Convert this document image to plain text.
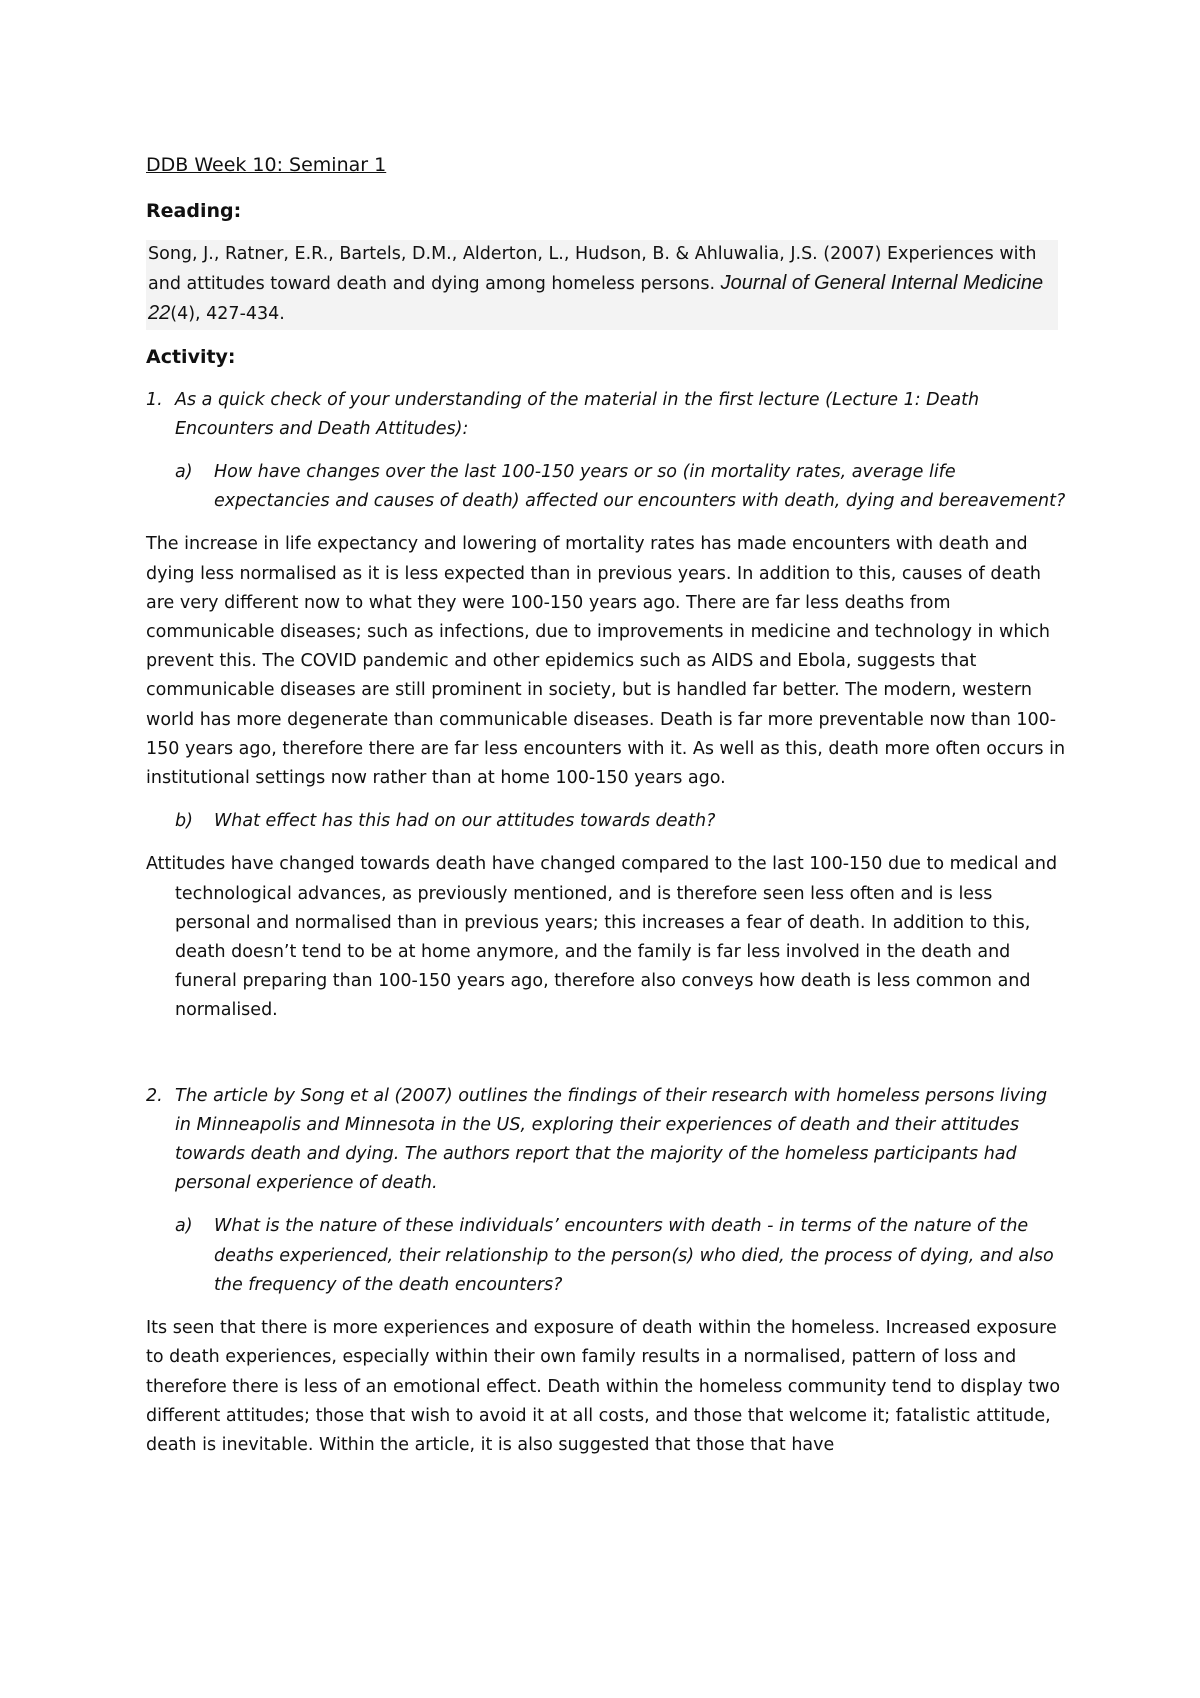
DDB Week 10: Seminar 1
Reading:
Song, J., Ratner, E.R., Bartels, D.M., Alderton, L., Hudson, B. & Ahluwalia, J.S. (2007) Experiences with and attitudes toward death and dying among homeless persons. Journal of General Internal Medicine 22(4), 427-434.
Activity:
1. As a quick check of your understanding of the material in the first lecture (Lecture 1: Death Encounters and Death Attitudes):
a)	How have changes over the last 100-150 years or so (in mortality rates, average life expectancies and causes of death) affected our encounters with death, dying and bereavement?
The increase in life expectancy and lowering of mortality rates has made encounters with death and dying less normalised as it is less expected than in previous years. In addition to this, causes of death are very different now to what they were 100-150 years ago. There are far less deaths from communicable diseases; such as infections, due to improvements in medicine and technology in which prevent this. The COVID pandemic and other epidemics such as AIDS and Ebola, suggests that communicable diseases are still prominent in society, but is handled far better. The modern, western world has more degenerate than communicable diseases. Death is far more preventable now than 100-150 years ago, therefore there are far less encounters with it. As well as this, death more often occurs in institutional settings now rather than at home 100-150 years ago.
b)	What effect has this had on our attitudes towards death?
Attitudes have changed towards death have changed compared to the last 100-150 due to medical and technological advances, as previously mentioned, and is therefore seen less often and is less personal and normalised than in previous years; this increases a fear of death. In addition to this, death doesn’t tend to be at home anymore, and the family is far less involved in the death and funeral preparing than 100-150 years ago, therefore also conveys how death is less common and normalised.
2. The article by Song et al (2007) outlines the findings of their research with homeless persons living in Minneapolis and Minnesota in the US, exploring their experiences of death and their attitudes towards death and dying. The authors report that the majority of the homeless participants had personal experience of death.
a)	What is the nature of these individuals’ encounters with death - in terms of the nature of the deaths experienced, their relationship to the person(s) who died, the process of dying, and also the frequency of the death encounters?
Its seen that there is more experiences and exposure of death within the homeless. Increased exposure to death experiences, especially within their own family results in a normalised, pattern of loss and therefore there is less of an emotional effect. Death within the homeless community tend to display two different attitudes; those that wish to avoid it at all costs, and those that welcome it; fatalistic attitude, death is inevitable. Within the article, it is also suggested that those that have
